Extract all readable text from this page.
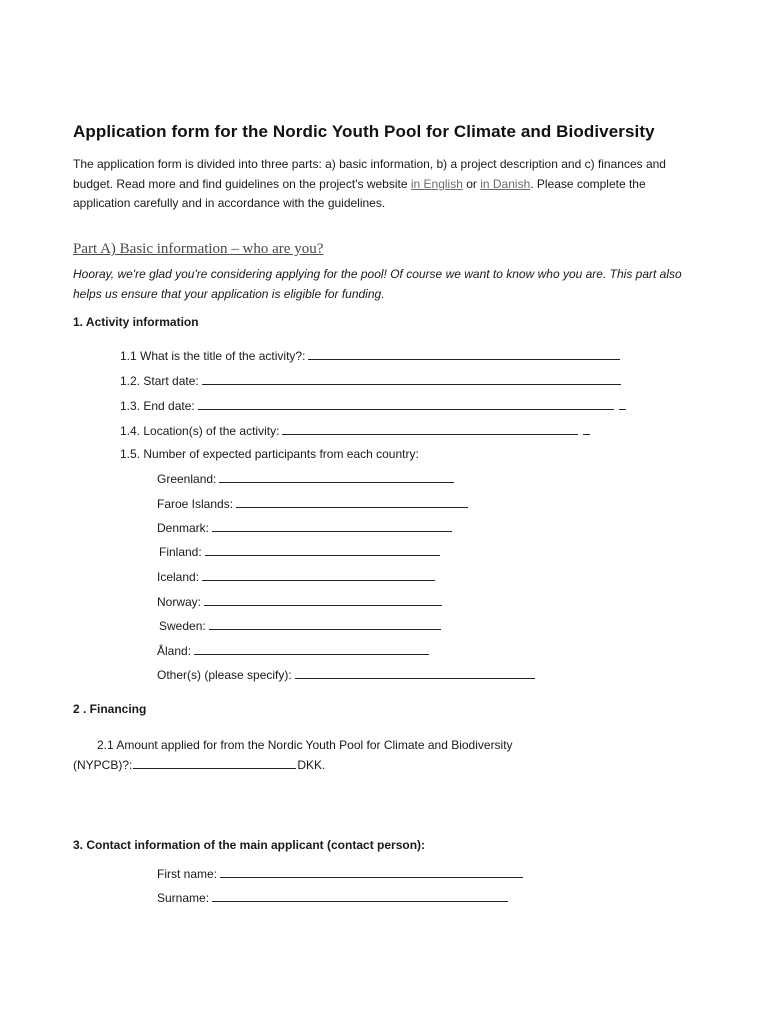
Application form for the Nordic Youth Pool for Climate and Biodiversity
The application form is divided into three parts: a) basic information, b) a project description and c) finances and budget. Read more and find guidelines on the project's website in English or in Danish. Please complete the application carefully and in accordance with the guidelines.
Part A) Basic information – who are you?
Hooray, we're glad you're considering applying for the pool! Of course we want to know who you are. This part also helps us ensure that your application is eligible for funding.
1. Activity information
1.1 What is the title of the activity?:
1.2. Start date:
1.3. End date:
1.4. Location(s) of the activity:
1.5. Number of expected participants from each country:
Greenland:
Faroe Islands:
Denmark:
Finland:
Iceland:
Norway:
Sweden:
Åland:
Other(s) (please specify):
2 . Financing
2.1 Amount applied for from the Nordic Youth Pool for Climate and Biodiversity
(NYPCB)?:	DKK.
3. Contact information of the main applicant (contact person):
First name:
Surname:
